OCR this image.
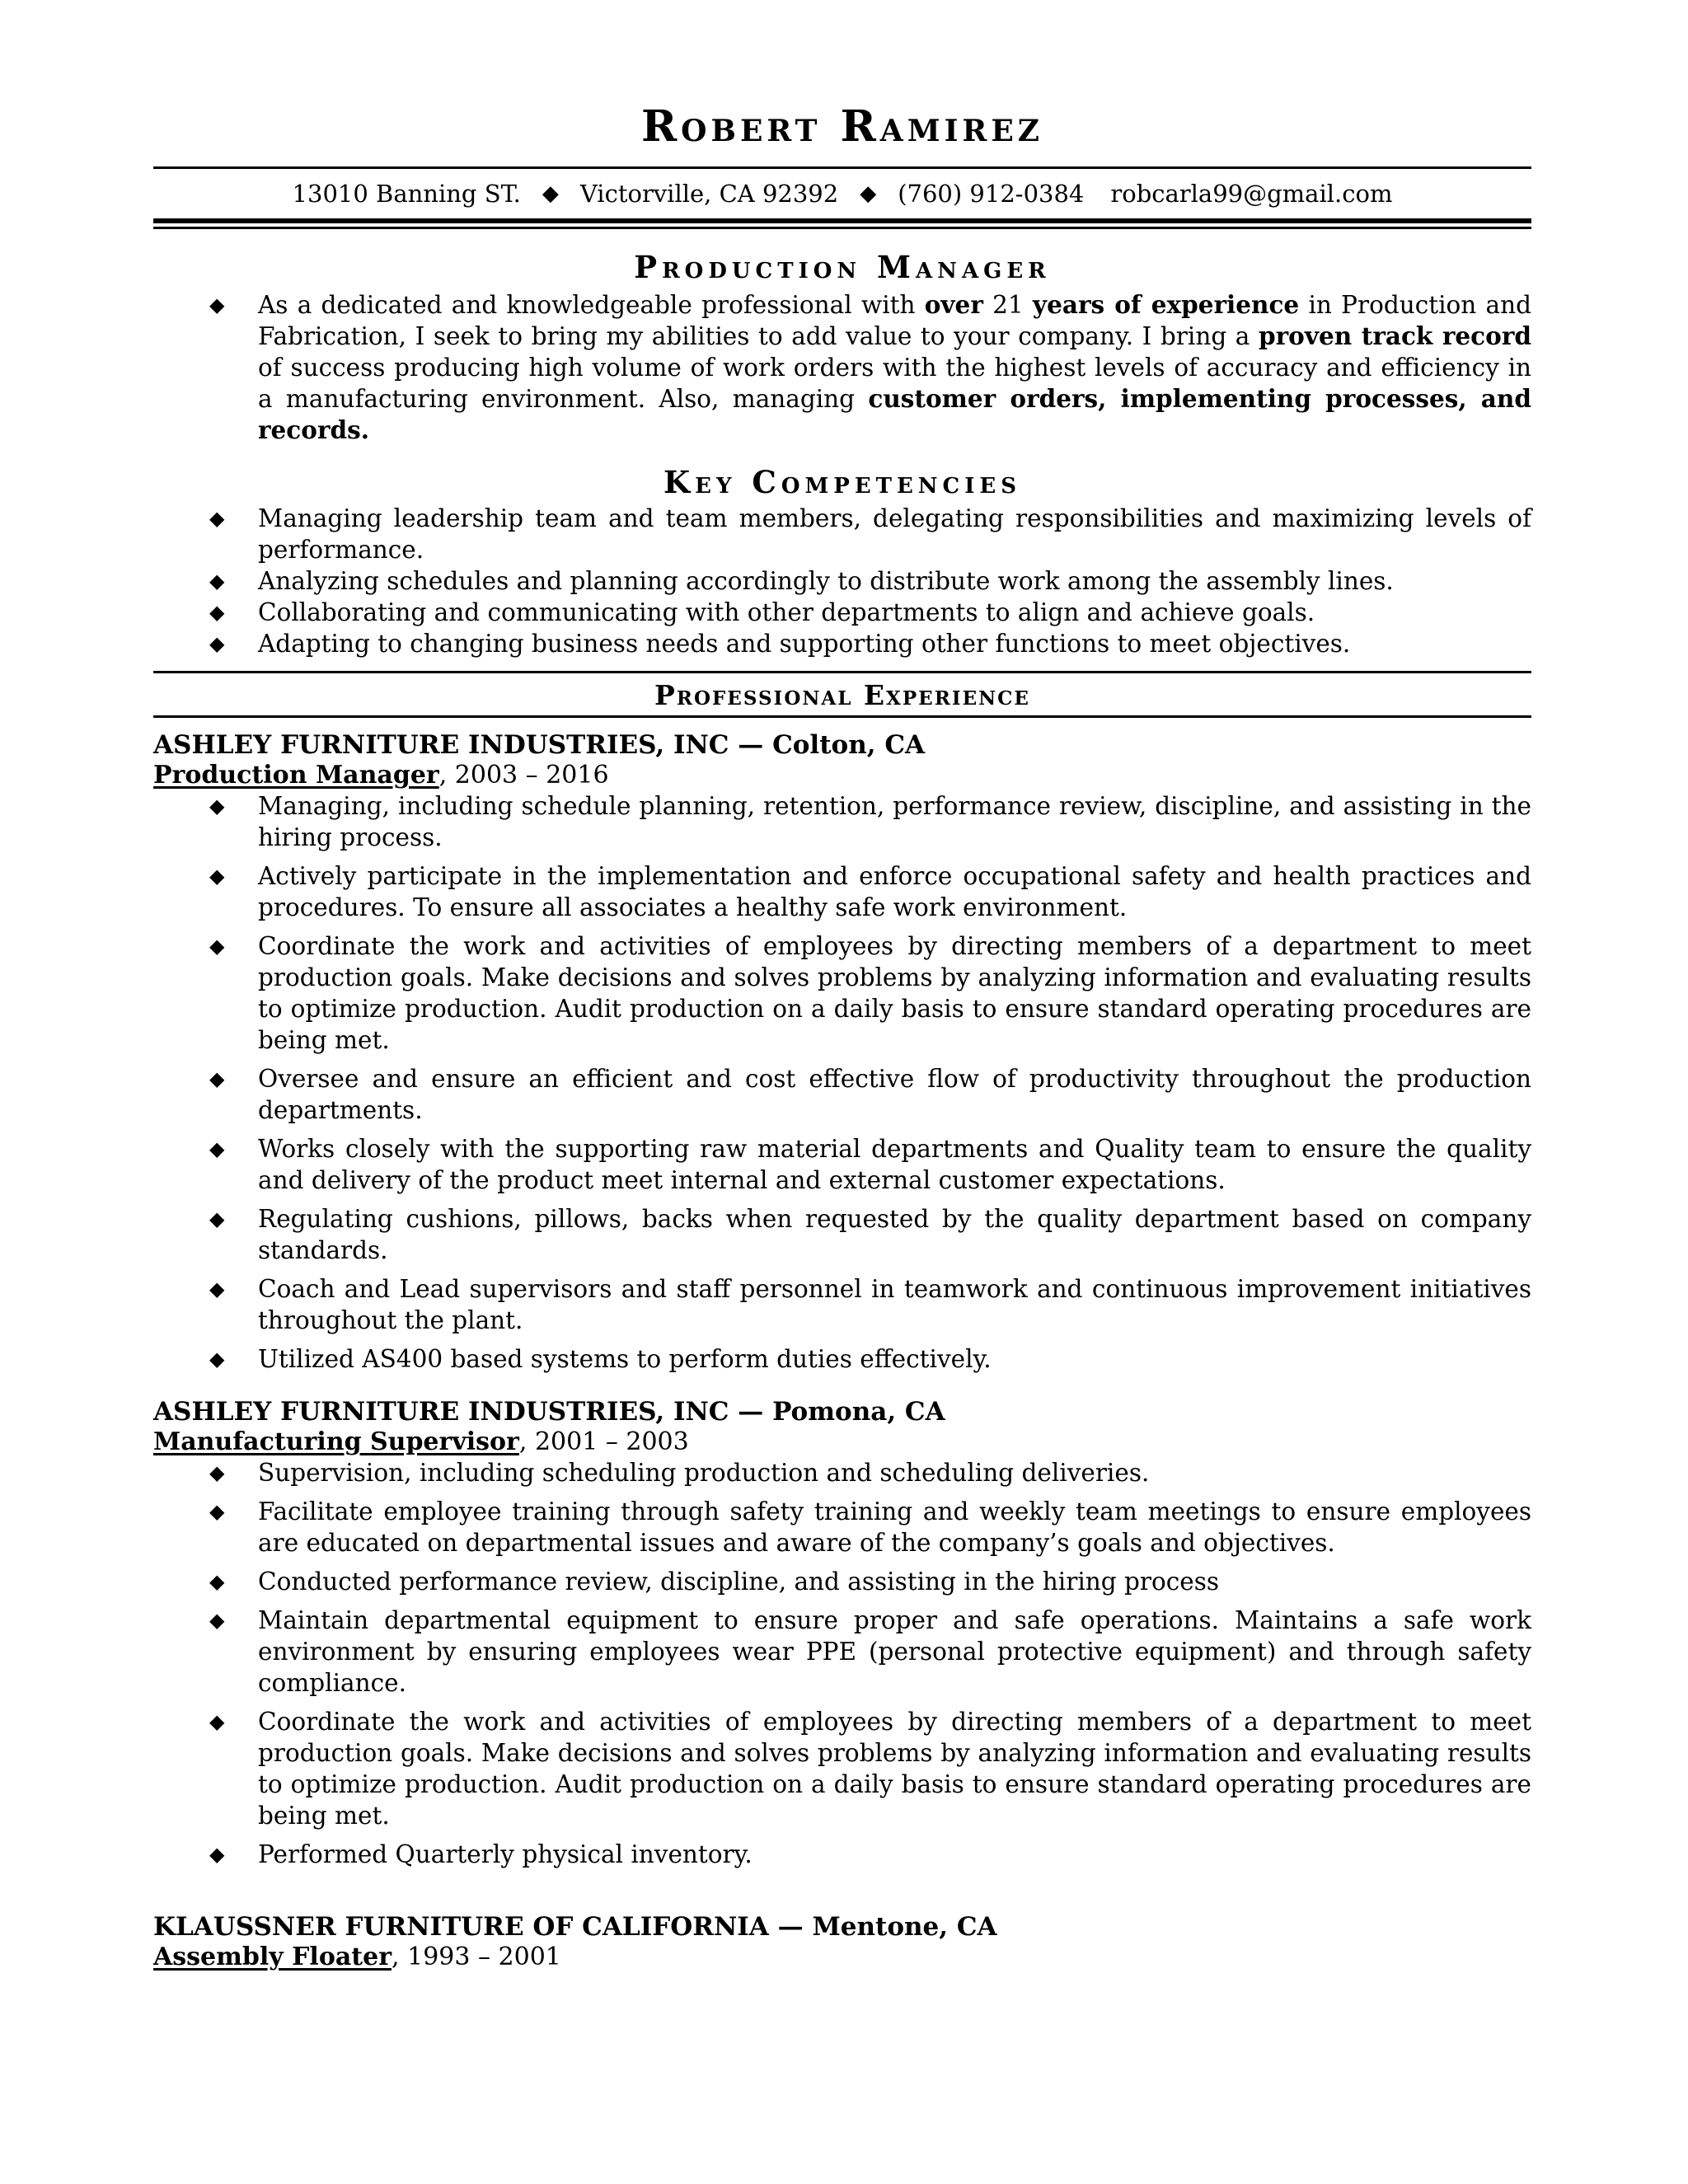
Robert Ramirez
13010 Banning ST. ◆ Victorville, CA 92392 ◆ (760) 912-0384 robcarla99@gmail.com
Production Manager
◆ As a dedicated and knowledgeable professional with over 21 years of experience in Production and Fabrication, I seek to bring my abilities to add value to your company. I bring a proven track record of success producing high volume of work orders with the highest levels of accuracy and efficiency in a manufacturing environment. Also, managing customer orders, implementing processes, and records.
Key Competencies
◆ Managing leadership team and team members, delegating responsibilities and maximizing levels of performance.
◆ Analyzing schedules and planning accordingly to distribute work among the assembly lines.
◆ Collaborating and communicating with other departments to align and achieve goals.
◆ Adapting to changing business needs and supporting other functions to meet objectives.
Professional Experience
ASHLEY FURNITURE INDUSTRIES, INC — Colton, CA
Production Manager, 2003 – 2016
◆ Managing, including schedule planning, retention, performance review, discipline, and assisting in the hiring process.
◆ Actively participate in the implementation and enforce occupational safety and health practices and procedures. To ensure all associates a healthy safe work environment.
◆ Coordinate the work and activities of employees by directing members of a department to meet production goals. Make decisions and solves problems by analyzing information and evaluating results to optimize production. Audit production on a daily basis to ensure standard operating procedures are being met.
◆ Oversee and ensure an efficient and cost effective flow of productivity throughout the production departments.
◆ Works closely with the supporting raw material departments and Quality team to ensure the quality and delivery of the product meet internal and external customer expectations.
◆ Regulating cushions, pillows, backs when requested by the quality department based on company standards.
◆ Coach and Lead supervisors and staff personnel in teamwork and continuous improvement initiatives throughout the plant.
◆ Utilized AS400 based systems to perform duties effectively.
ASHLEY FURNITURE INDUSTRIES, INC — Pomona, CA
Manufacturing Supervisor, 2001 – 2003
◆ Supervision, including scheduling production and scheduling deliveries.
◆ Facilitate employee training through safety training and weekly team meetings to ensure employees are educated on departmental issues and aware of the company’s goals and objectives.
◆ Conducted performance review, discipline, and assisting in the hiring process
◆ Maintain departmental equipment to ensure proper and safe operations. Maintains a safe work environment by ensuring employees wear PPE (personal protective equipment) and through safety compliance.
◆ Coordinate the work and activities of employees by directing members of a department to meet production goals. Make decisions and solves problems by analyzing information and evaluating results to optimize production. Audit production on a daily basis to ensure standard operating procedures are being met.
◆ Performed Quarterly physical inventory.
KLAUSSNER FURNITURE OF CALIFORNIA — Mentone, CA
Assembly Floater, 1993 – 2001
